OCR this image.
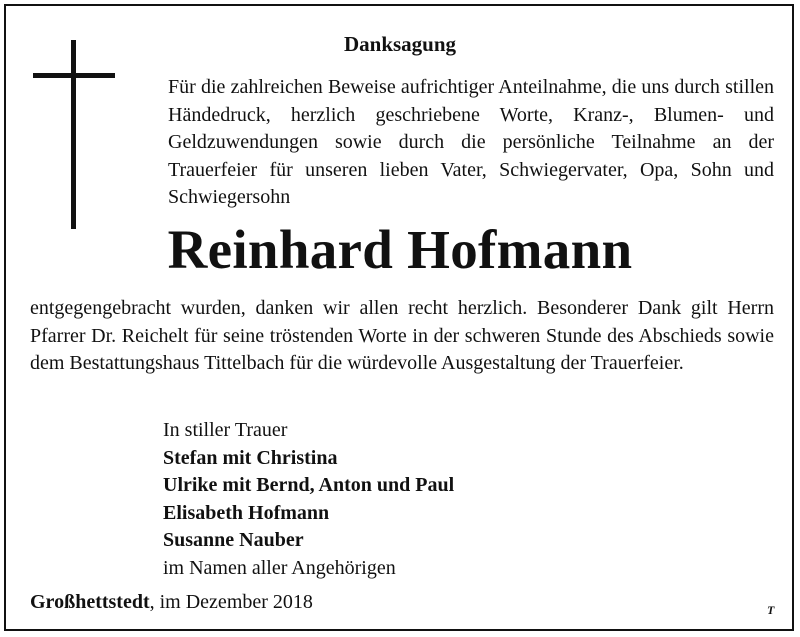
Danksagung
Für die zahlreichen Beweise aufrichtiger Anteilnahme, die uns durch stillen Händedruck, herzlich geschriebene Worte, Kranz-, Blumen- und Geldzuwendungen sowie durch die persönliche Teilnahme an der Trauerfeier für unseren lieben Vater, Schwiegervater, Opa, Sohn und Schwiegersohn
Reinhard Hofmann
entgegengebracht wurden, danken wir allen recht herzlich. Besonderer Dank gilt Herrn Pfarrer Dr. Reichelt für seine tröstenden Worte in der schweren Stunde des Abschieds sowie dem Bestattungshaus Tittelbach für die würdevolle Ausgestaltung der Trauerfeier.
In stiller Trauer
Stefan mit Christina
Ulrike mit Bernd, Anton und Paul
Elisabeth Hofmann
Susanne Nauber
im Namen aller Angehörigen
Großhettstedt, im Dezember 2018	T
